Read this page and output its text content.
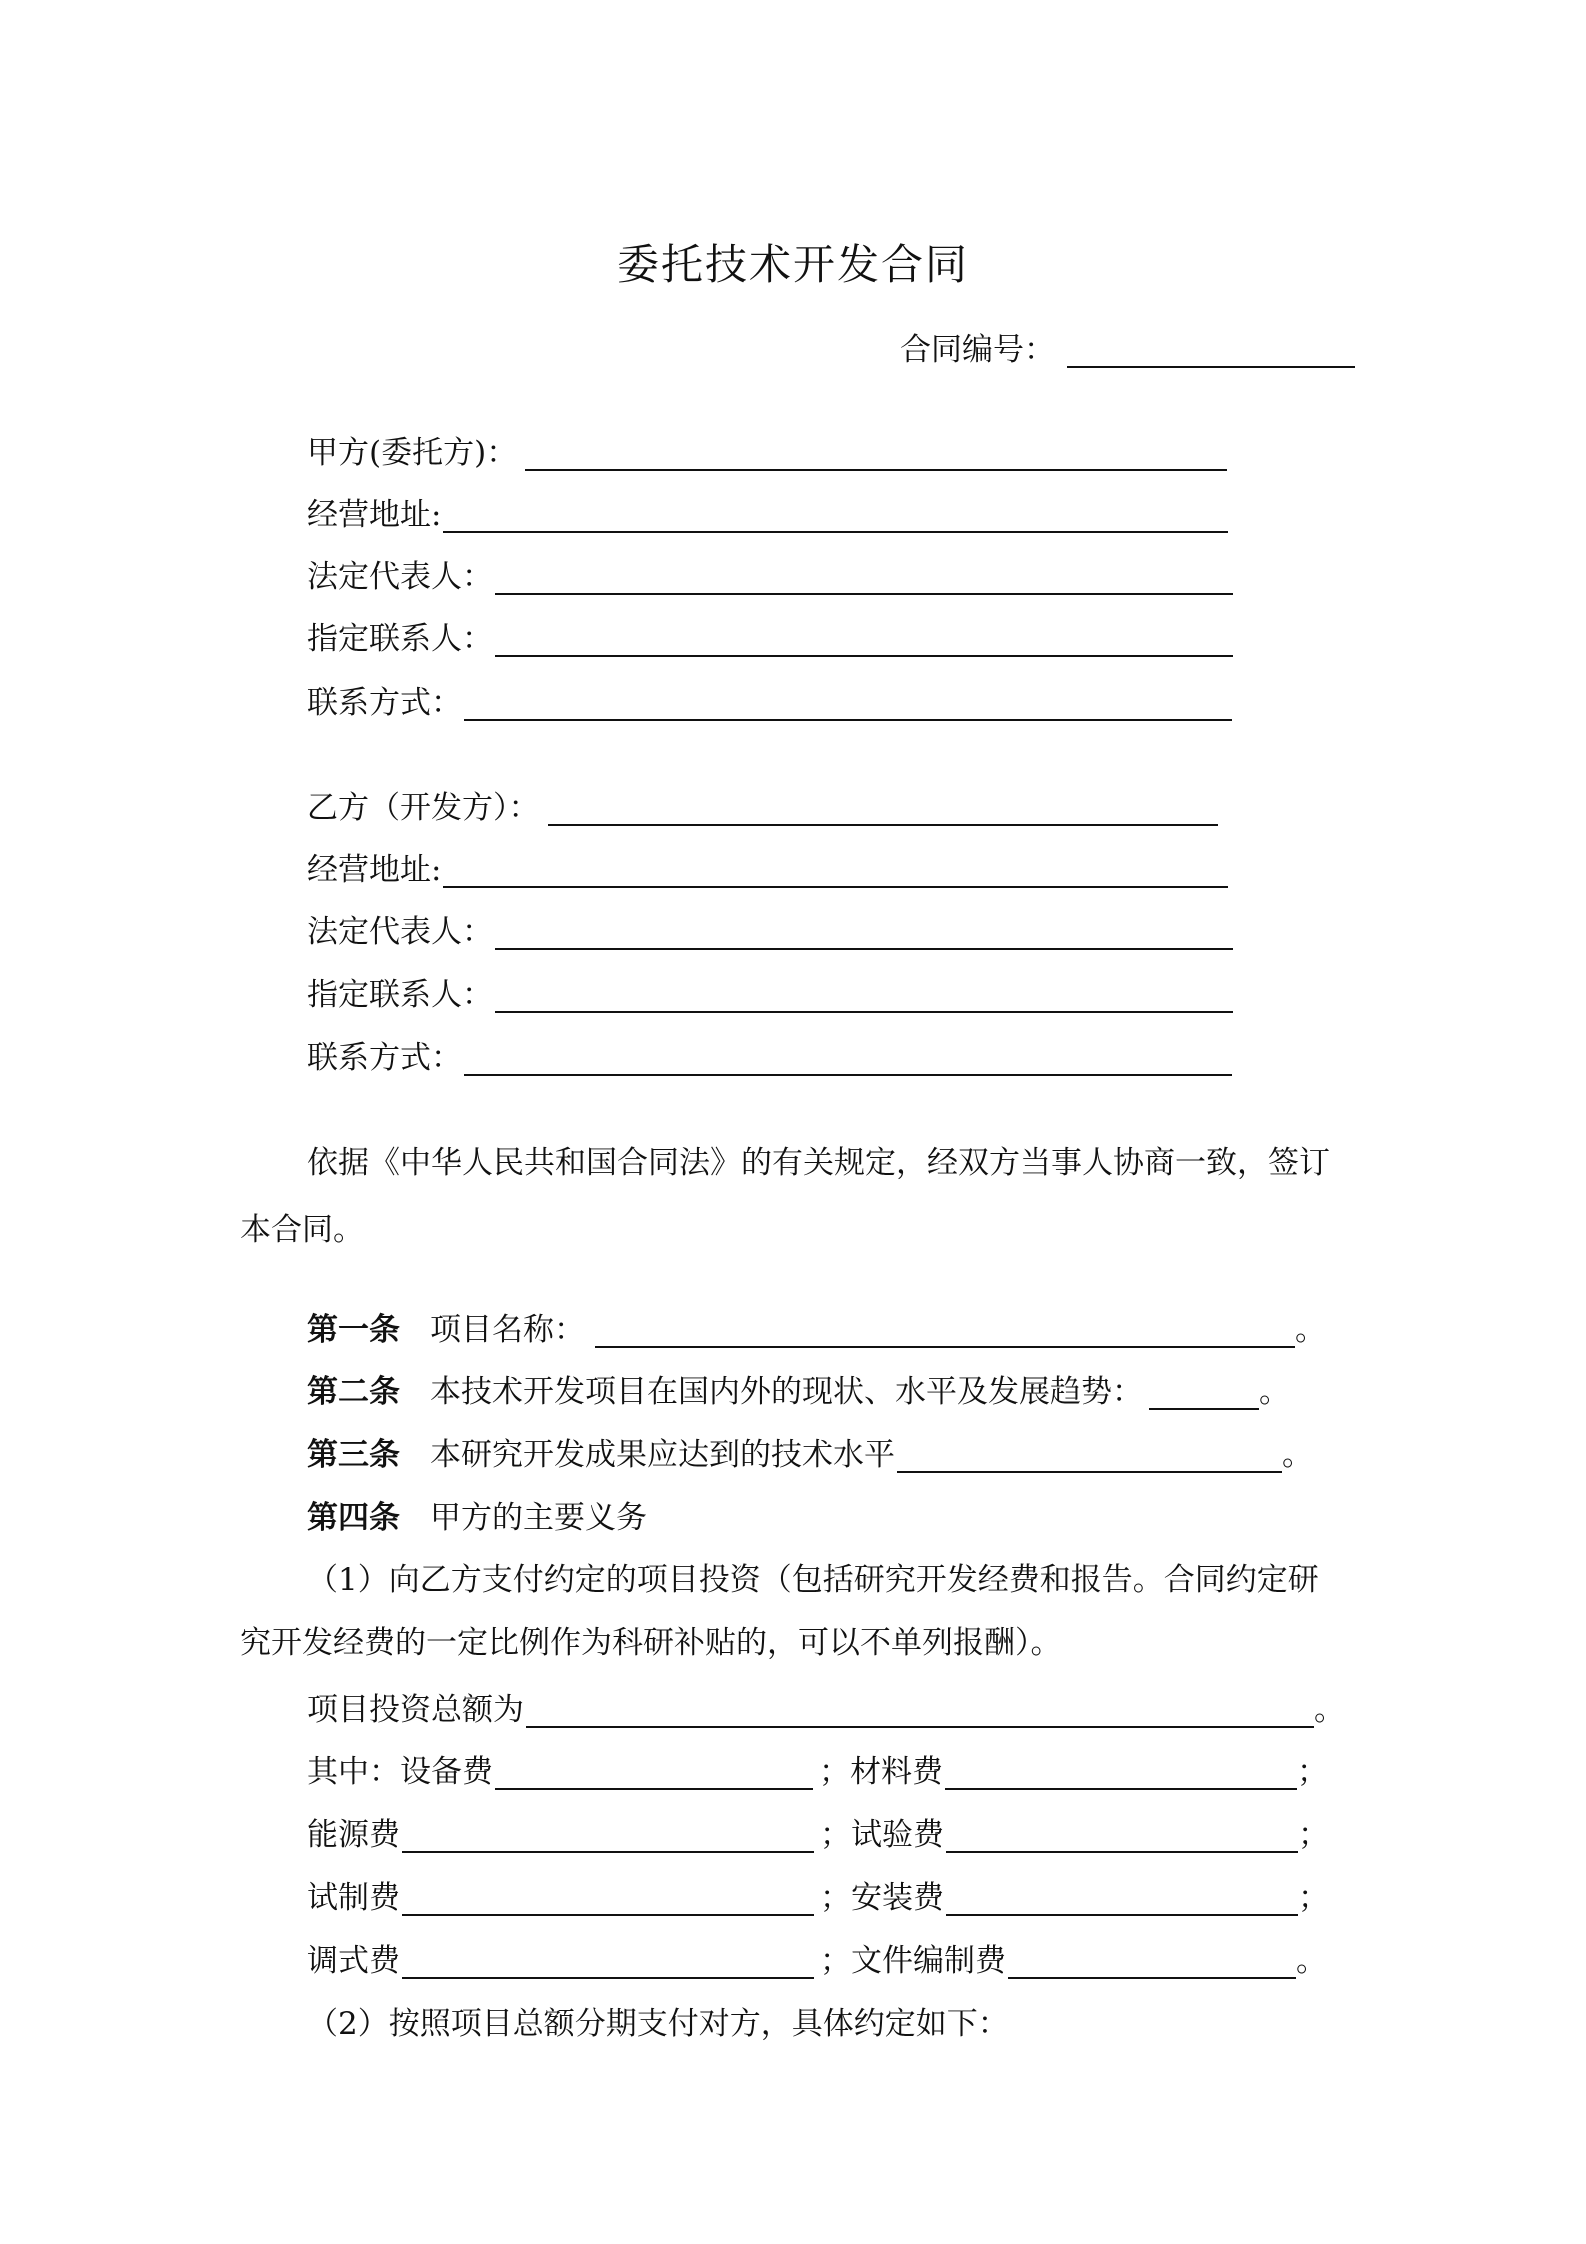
委托技术开发合同
合同编号：
甲方(委托方)：
经营地址:
法定代表人：
指定联系人：
联系方式：
乙方（开发方）：
经营地址:
法定代表人：
指定联系人：
联系方式：
依据《中华人民共和国合同法》的有关规定，经双方当事人协商一致，签订
本合同。
第一条 项目名称：	。
第二条 本技术开发项目在国内外的现状、水平及发展趋势：	。
第三条 本研究开发成果应达到的技术水平	。
第四条 甲方的主要义务
（1）向乙方支付约定的项目投资（包括研究开发经费和报告。合同约定研
究开发经费的一定比例作为科研补贴的，可以不单列报酬）。
项目投资总额为	。
其中： 设备费	； 材料费	；
能源费	； 试验费	；
试制费	； 安装费	；
调式费	； 文件编制费	。
（2）按照项目总额分期支付对方，具体约定如下：
